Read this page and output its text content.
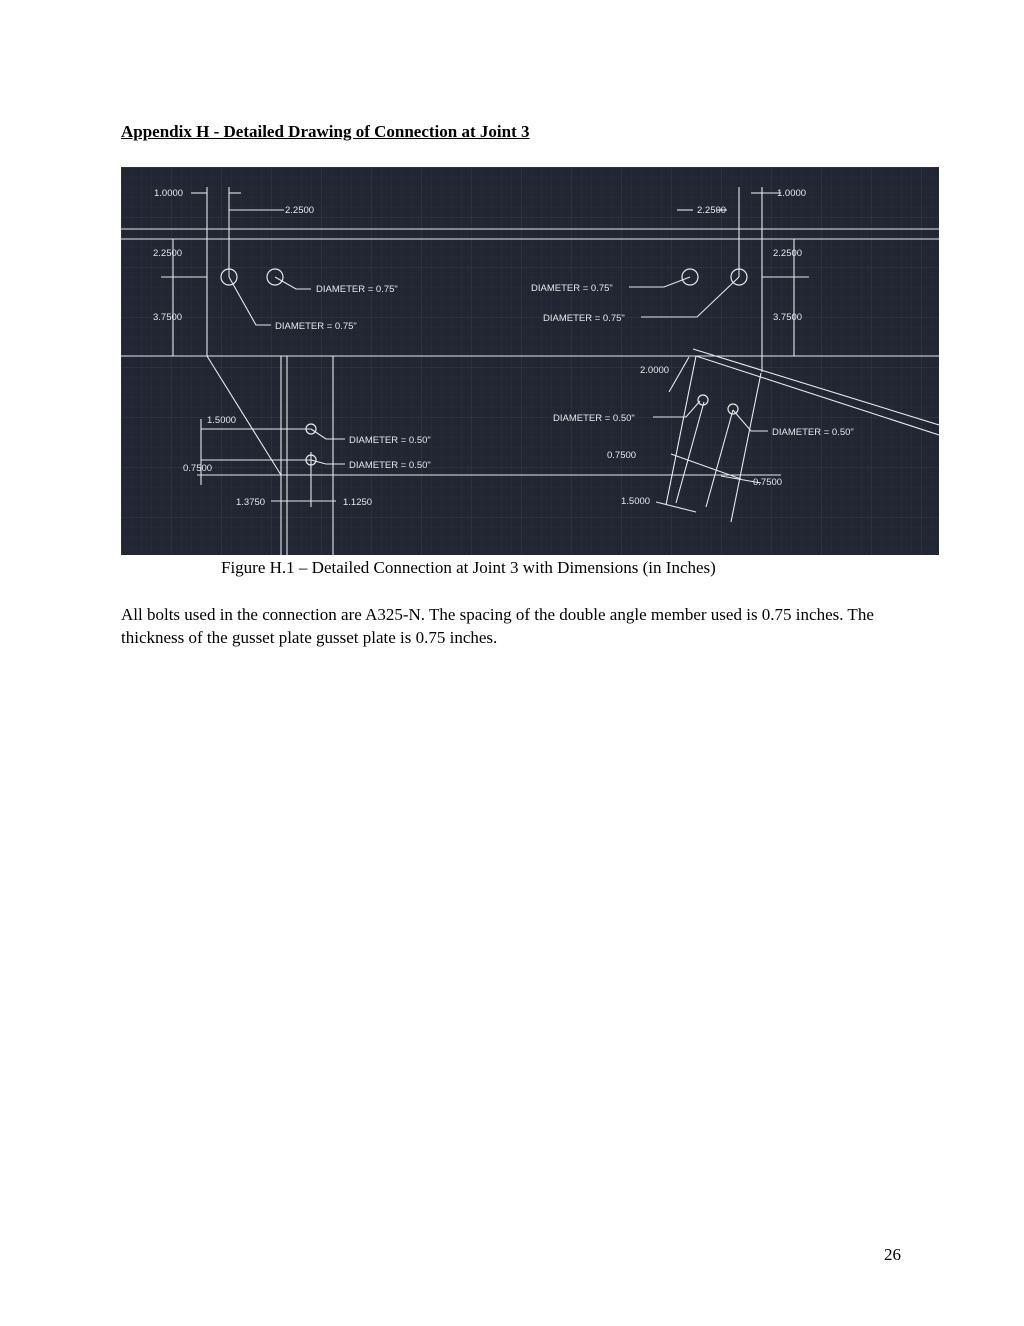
Appendix H - Detailed Drawing of Connection at Joint 3
1.0000
2.2500	2.2500
1.0000
2.2500
3.7500
2.2500
3.7500
1.5000
0.7500
1.3750	1.1250
2.0000
0.7500
0.7500
1.5000
DIAMETER = 0.75"
DIAMETER = 0.75"
DIAMETER = 0.75"
DIAMETER = 0.75"
DIAMETER = 0.50"
DIAMETER = 0.50"
DIAMETER = 0.50"
DIAMETER = 0.50"
Figure H.1 – Detailed Connection at Joint 3 with Dimensions (in Inches)
All bolts used in the connection are A325-N. The spacing of the double angle member used is 0.75 inches. The thickness of the gusset plate gusset plate is 0.75 inches.
26
